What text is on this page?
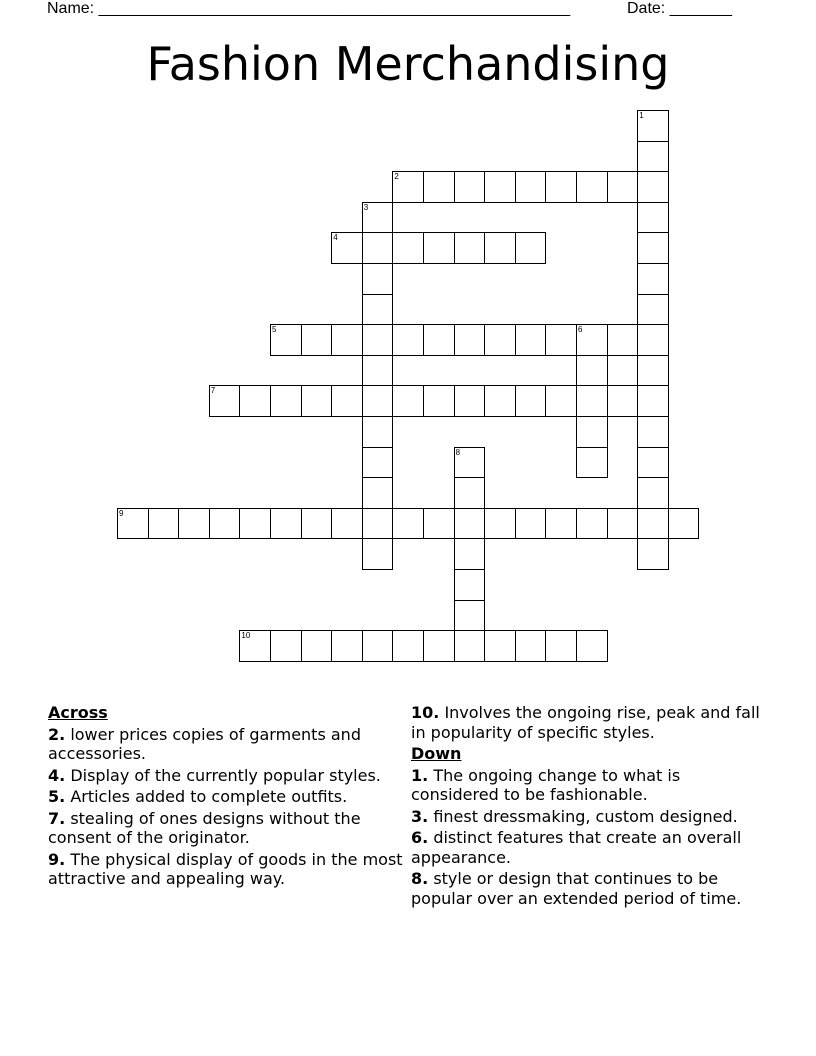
Name: _____________________________________________________	Date: _______
Fashion Merchandising
1
2
3
4
5	6
7
8
9
10
Across
2. lower prices copies of garments and accessories.
4. Display of the currently popular styles.
5. Articles added to complete outfits.
7. stealing of ones designs without the consent of the originator.
9. The physical display of goods in the most attractive and appealing way.
10. Involves the ongoing rise, peak and fall in popularity of specific styles.
Down
1. The ongoing change to what is considered to be fashionable.
3. finest dressmaking, custom designed.
6. distinct features that create an overall appearance.
8. style or design that continues to be popular over an extended period of time.
